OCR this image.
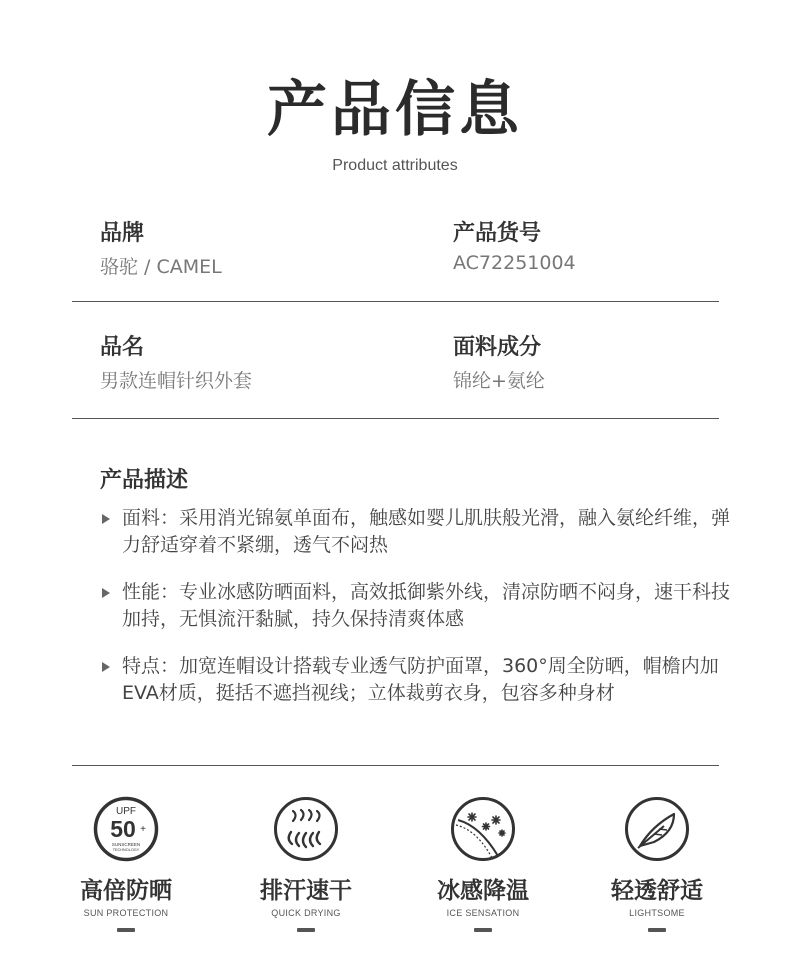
产品信息
Product attributes
品牌
骆驼 / CAMEL
产品货号
AC72251004
品名
男款连帽针织外套
面料成分
锦纶+氨纶
产品描述
面料：采用消光锦氨单面布，触感如婴儿肌肤般光滑，融入氨纶纤维，弹力舒适穿着不紧绷，透气不闷热
性能：专业冰感防晒面料，高效抵御紫外线，清凉防晒不闷身，速干科技加持，无惧流汗黏腻，持久保持清爽体感
特点：加宽连帽设计搭载专业透气防护面罩，360°周全防晒，帽檐内加EVA材质，挺括不遮挡视线；立体裁剪衣身，包容多种身材
UPF
50 +
SUNSCREEN
TECHNOLOGY
高倍防晒
SUN PROTECTION
排汗速干
QUICK DRYING
冰感降温
ICE SENSATION
轻透舒适
LIGHTSOME
